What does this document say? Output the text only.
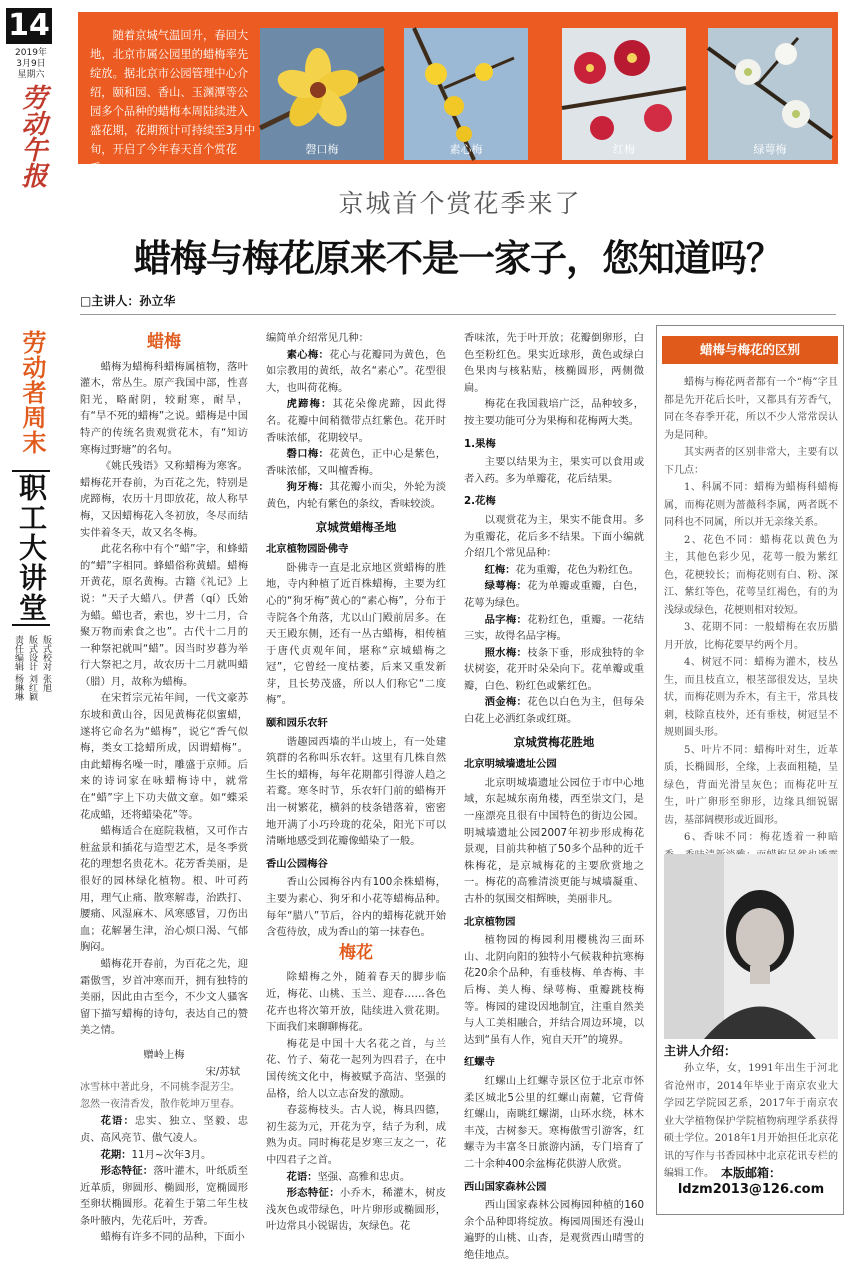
14
2019年
3月9日
星期六
劳动午报
劳动者周末
职工大讲堂
责任编辑 杨琳琳 版式设计 刘红颖 版式校对 张旭
随着京城气温回升，春回大地，北京市属公园里的蜡梅率先绽放。据北京市公园管理中心介绍，颐和园、香山、玉渊潭等公园多个品种的蜡梅本周陆续进入盛花期，花期预计可持续至3月中旬，开启了今年春天首个赏花季。
磬口梅	素心梅	红梅	绿萼梅
京城首个赏花季来了
蜡梅与梅花原来不是一家子，您知道吗？
□主讲人：孙立华
蜡梅

蜡梅为蜡梅科蜡梅属植物，落叶灌木，常丛生。原产我国中部，性喜阳光，略耐阴，较耐寒，耐旱，有“旱不死的蜡梅”之说。蜡梅是中国特产的传统名贵观赏花木，有“知访寒梅过野塘”的名句。

《姚氏残语》又称蜡梅为寒客。蜡梅花开春前，为百花之先，特别是虎蹄梅，农历十月即放花，故人称早梅，又因蜡梅花入冬初放，冬尽而结实伴着冬天，故又名冬梅。

此花名称中有个“蜡”字，和蜂蜡的“蜡”字相同。蜂蜡俗称黄蜡。蜡梅开黄花，原名黄梅。古籍《礼记》上说：“天子大蜡八。伊耆（qí）氏始为蜡。蜡也者，索也，岁十二月，合聚万物而索食之也”。古代十二月的一种祭祀就叫“蜡”。因当时岁暮为举行大祭祀之月，故农历十二月就叫蜡（腊）月，故称为蜡梅。

在宋哲宗元祐年间，一代文豪苏东坡和黄山谷，因见黄梅花似蜜蜡，遂将它命名为“蜡梅”，说它“香气似梅，类女工捻蜡所成，因谓蜡梅”。由此蜡梅名噪一时，雕盛于京师。后来的诗词家在咏蜡梅诗中，就常在“蜡”字上下功夫做文章。如“蝶采花成蜡，还将蜡染花”等。

蜡梅适合在庭院栽植，又可作古桩盆景和插花与造型艺术，是冬季赏花的理想名贵花木。花芳香美丽，是很好的园林绿化植物。根、叶可药用，理气止痛、散寒解毒，治跌打、腰痛、风湿麻木、风寒感冒，刀伤出血；花解暑生津，治心烦口渴、气郁胸闷。

蜡梅花开春前，为百花之先，迎霜傲雪，岁首冲寒而开，拥有独特的美丽，因此由古至今，不少文人骚客留下描写蜡梅的诗句，表达自己的赞美之情。

赠岭上梅

宋/苏轼

冰雪林中著此身，不同桃李混芳尘。

忽然一夜清香发，散作乾坤万里春。

花语：忠实、独立、坚毅、忠贞、高风亮节、傲气凌人。

花期：11月~次年3月。

形态特征：落叶灌木，叶纸质至近革质，卵圆形、椭圆形，宽椭圆形至卵状椭圆形。花着生于第二年生枝条叶腋内，先花后叶，芳香。

蜡梅有许多不同的品种，下面小

编简单介绍常见几种：

素心梅：花心与花瓣同为黄色，色如宗教用的黄纸，故名“素心”。花型很大，也叫荷花梅。

虎蹄梅：其花朵像虎蹄，因此得名。花瓣中间稍微带点红紫色。花开时香味浓郁，花期较早。

磬口梅：花黄色，正中心是紫色，香味浓郁，又叫檀香梅。

狗牙梅：其花瓣小而尖，外轮为淡黄色，内轮有紫色的条纹，香味较淡。

京城赏蜡梅圣地
北京植物园卧佛寺

卧佛寺一直是北京地区赏蜡梅的胜地，寺内种植了近百株蜡梅，主要为红心的“狗牙梅”黄心的“素心梅”，分布于寺院各个角落，尤以山门殿前居多。在天王殿东侧，还有一丛古蜡梅，相传植于唐代贞观年间，堪称“京城蜡梅之冠”，它曾经一度枯萎，后来又重发新芽，且长势茂盛，所以人们称它“二度梅”。

颐和园乐农轩

谐趣园西墙的半山坡上，有一处建筑群的名称叫乐农轩。这里有几株自然生长的蜡梅，每年花期都引得游人趋之若鹜。寒冬时节，乐农轩门前的蜡梅开出一树繁花，横斜的枝条错落着，密密地开满了小巧玲珑的花朵，阳光下可以清晰地感受到花瓣像蜡染了一般。

香山公园梅谷

香山公园梅谷内有100余株蜡梅，主要为素心、狗牙和小花等蜡梅品种。每年“腊八”节后，谷内的蜡梅花就开始含苞待放，成为香山的第一抹春色。

梅花

除蜡梅之外，随着春天的脚步临近，梅花、山桃、玉兰、迎春……各色花卉也将次第开放，陆续进入赏花期。下面我们来聊聊梅花。

梅花是中国十大名花之首，与兰花、竹子、菊花一起列为四君子，在中国传统文化中，梅被赋予高洁、坚强的品格，给人以立志奋发的激励。

春蕊梅枝头。古人说，梅具四德，初生蕊为元，开花为亨，结子为利，成熟为贞。同时梅花是岁寒三友之一，花中四君子之首。

花语：坚强、高雅和忠贞。

形态特征：小乔木，稀灌木，树皮浅灰色或带绿色，叶片卵形或椭圆形，叶边常具小锐锯齿，灰绿色。花

香味浓，先于叶开放；花瓣倒卵形，白色至粉红色。果实近球形，黄色或绿白色果肉与核粘贴，核椭圆形，两侧微扁。

梅花在我国栽培广泛，品种较多，按主要功能可分为果梅和花梅两大类。

1.果梅

主要以结果为主，果实可以食用或者入药。多为单瓣花，花后结果。

2.花梅

以观赏花为主，果实不能食用。多为重瓣花，花后多不结果。下面小编就介绍几个常见品种：

红梅：花为重瓣，花色为粉红色。

绿萼梅：花为单瓣或重瓣，白色，花萼为绿色。

品字梅：花粉红色，重瓣。一花结三实，故得名品字梅。

照水梅：枝条下垂，形成独特的伞状树姿，花开时朵朵向下。花单瓣或重瓣，白色、粉红色或紫红色。

洒金梅：花色以白色为主，但每朵白花上必洒红条或红斑。

京城赏梅花胜地
北京明城墙遗址公园

北京明城墙遗址公园位于市中心地域，东起城东南角楼，西至崇文门，是一座漂亮且很有中国特色的街边公园。明城墙遗址公园2007年初步形成梅花景观，目前共种植了50多个品种的近千株梅花，是京城梅花的主要欣赏地之一。梅花的高雅清淡更能与城墙凝重、古朴的氛围交相辉映，美丽非凡。

北京植物园

植物园的梅园利用樱桃沟三面环山、北阴向阳的独特小气候栽种抗寒梅花20余个品种，有垂枝梅、单杏梅、丰后梅、美人梅、绿萼梅、重瓣跳枝梅等。梅园的建设因地制宜，注重自然美与人工美相融合，并结合周边环境，以达到“虽有人作，宛自天开”的境界。

红螺寺

红螺山上红螺寺景区位于北京市怀柔区城北5公里的红螺山南麓，它背倚红螺山，南眺红螺湖，山环水绕，林木丰茂，古树参天。寒梅傲雪引游客，红螺寺为丰富冬日旅游内涵，专门培育了二十余种400余盆梅花供游人欣赏。

西山国家森林公园

西山国家森林公园梅园种植的160余个品种即将绽放。梅园周围还有漫山遍野的山桃、山杏，是观赏西山晴雪的绝佳地点。

蜡梅与梅花的区别

蜡梅与梅花两者都有一个“梅”字且都是先开花后长叶，又都具有芳香气，同在冬春季开花，所以不少人常常误认为是同种。

其实两者的区别非常大，主要有以下几点：

1、科属不同：蜡梅为蜡梅科蜡梅属，而梅花则为蔷薇科李属，两者既不同科也不同属，所以并无亲缘关系。

2、花色不同：蜡梅花以黄色为主，其他色彩少见，花萼一般为紫红色，花梗较长；而梅花则有白、粉、深江、紫红等色，花萼呈红褐色，有的为浅绿或绿色，花梗则相对较短。

3、花期不同：一般蜡梅在农历腊月开放，比梅花要早约两个月。

4、树冠不同：蜡梅为灌木，枝丛生，而且枝直立，根茎部很发达，呈块状，而梅花则为乔木，有主干，常具枝刺，枝除直枝外，还有垂枝，树冠呈不规则圆头形。

5、叶片不同：蜡梅叶对生，近革质，长椭圆形，全缘，上表面粗糙，呈绿色，背面光滑呈灰色；而梅花叶互生，叶广卵形至卵形，边缘具细锐锯齿，基部阔楔形或近圆形。

6、香味不同：梅花透着一种暗

主讲人介绍：
孙立华，女，1991年出生于河北省沧州市，2014年毕业于南京农业大学园艺学院园艺系，2017年于南京农业大学植物保护学院植物病理学系获得硕士学位。2018年1月开始担任北京花讯的写作与书香园林中北京花讯专栏的编辑工作。 本版邮箱：
ldzm2013@126.com
